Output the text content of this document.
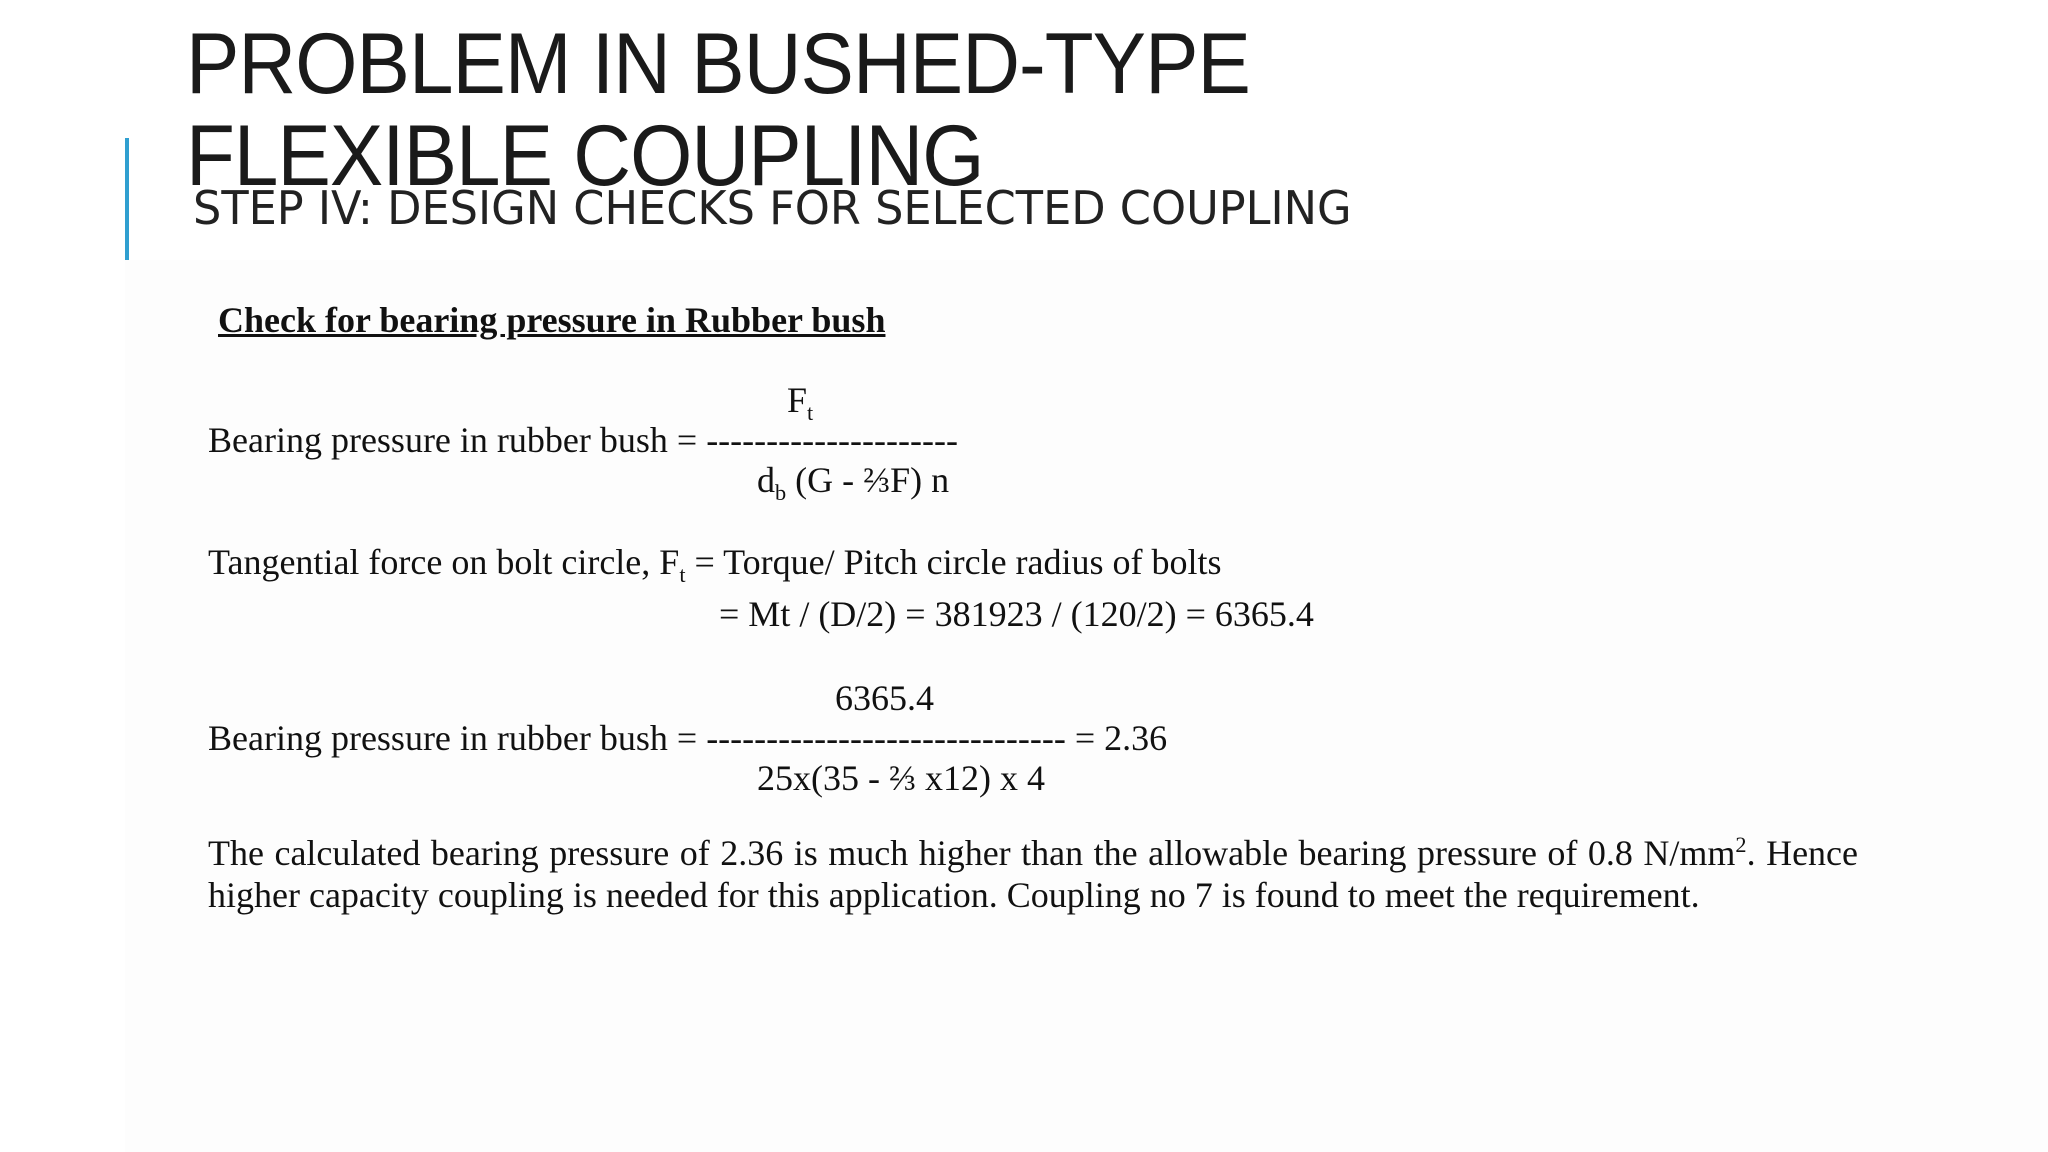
PROBLEM IN BUSHED-TYPE
FLEXIBLE COUPLING
STEP IV: DESIGN CHECKS FOR SELECTED COUPLING
Check for bearing pressure in Rubber bush
$F_t$
Bearing pressure in rubber bush = ---------------------
$d_b$ (G - ⅔F) n
Tangential force on bolt circle, $F_t$ = Torque/ Pitch circle radius of bolts
= Mt / (D/2) = 381923 / (120/2) = 6365.4
6365.4
Bearing pressure in rubber bush = ------------------------------ = 2.36
25x(35 - ⅔ x12) x 4

The calculated bearing pressure of 2.36 is much higher than the allowable bearing pressure of 0.8 $N/mm^2$. Hence higher capacity coupling is needed for this application. Coupling no 7 is found to meet the requirement.
